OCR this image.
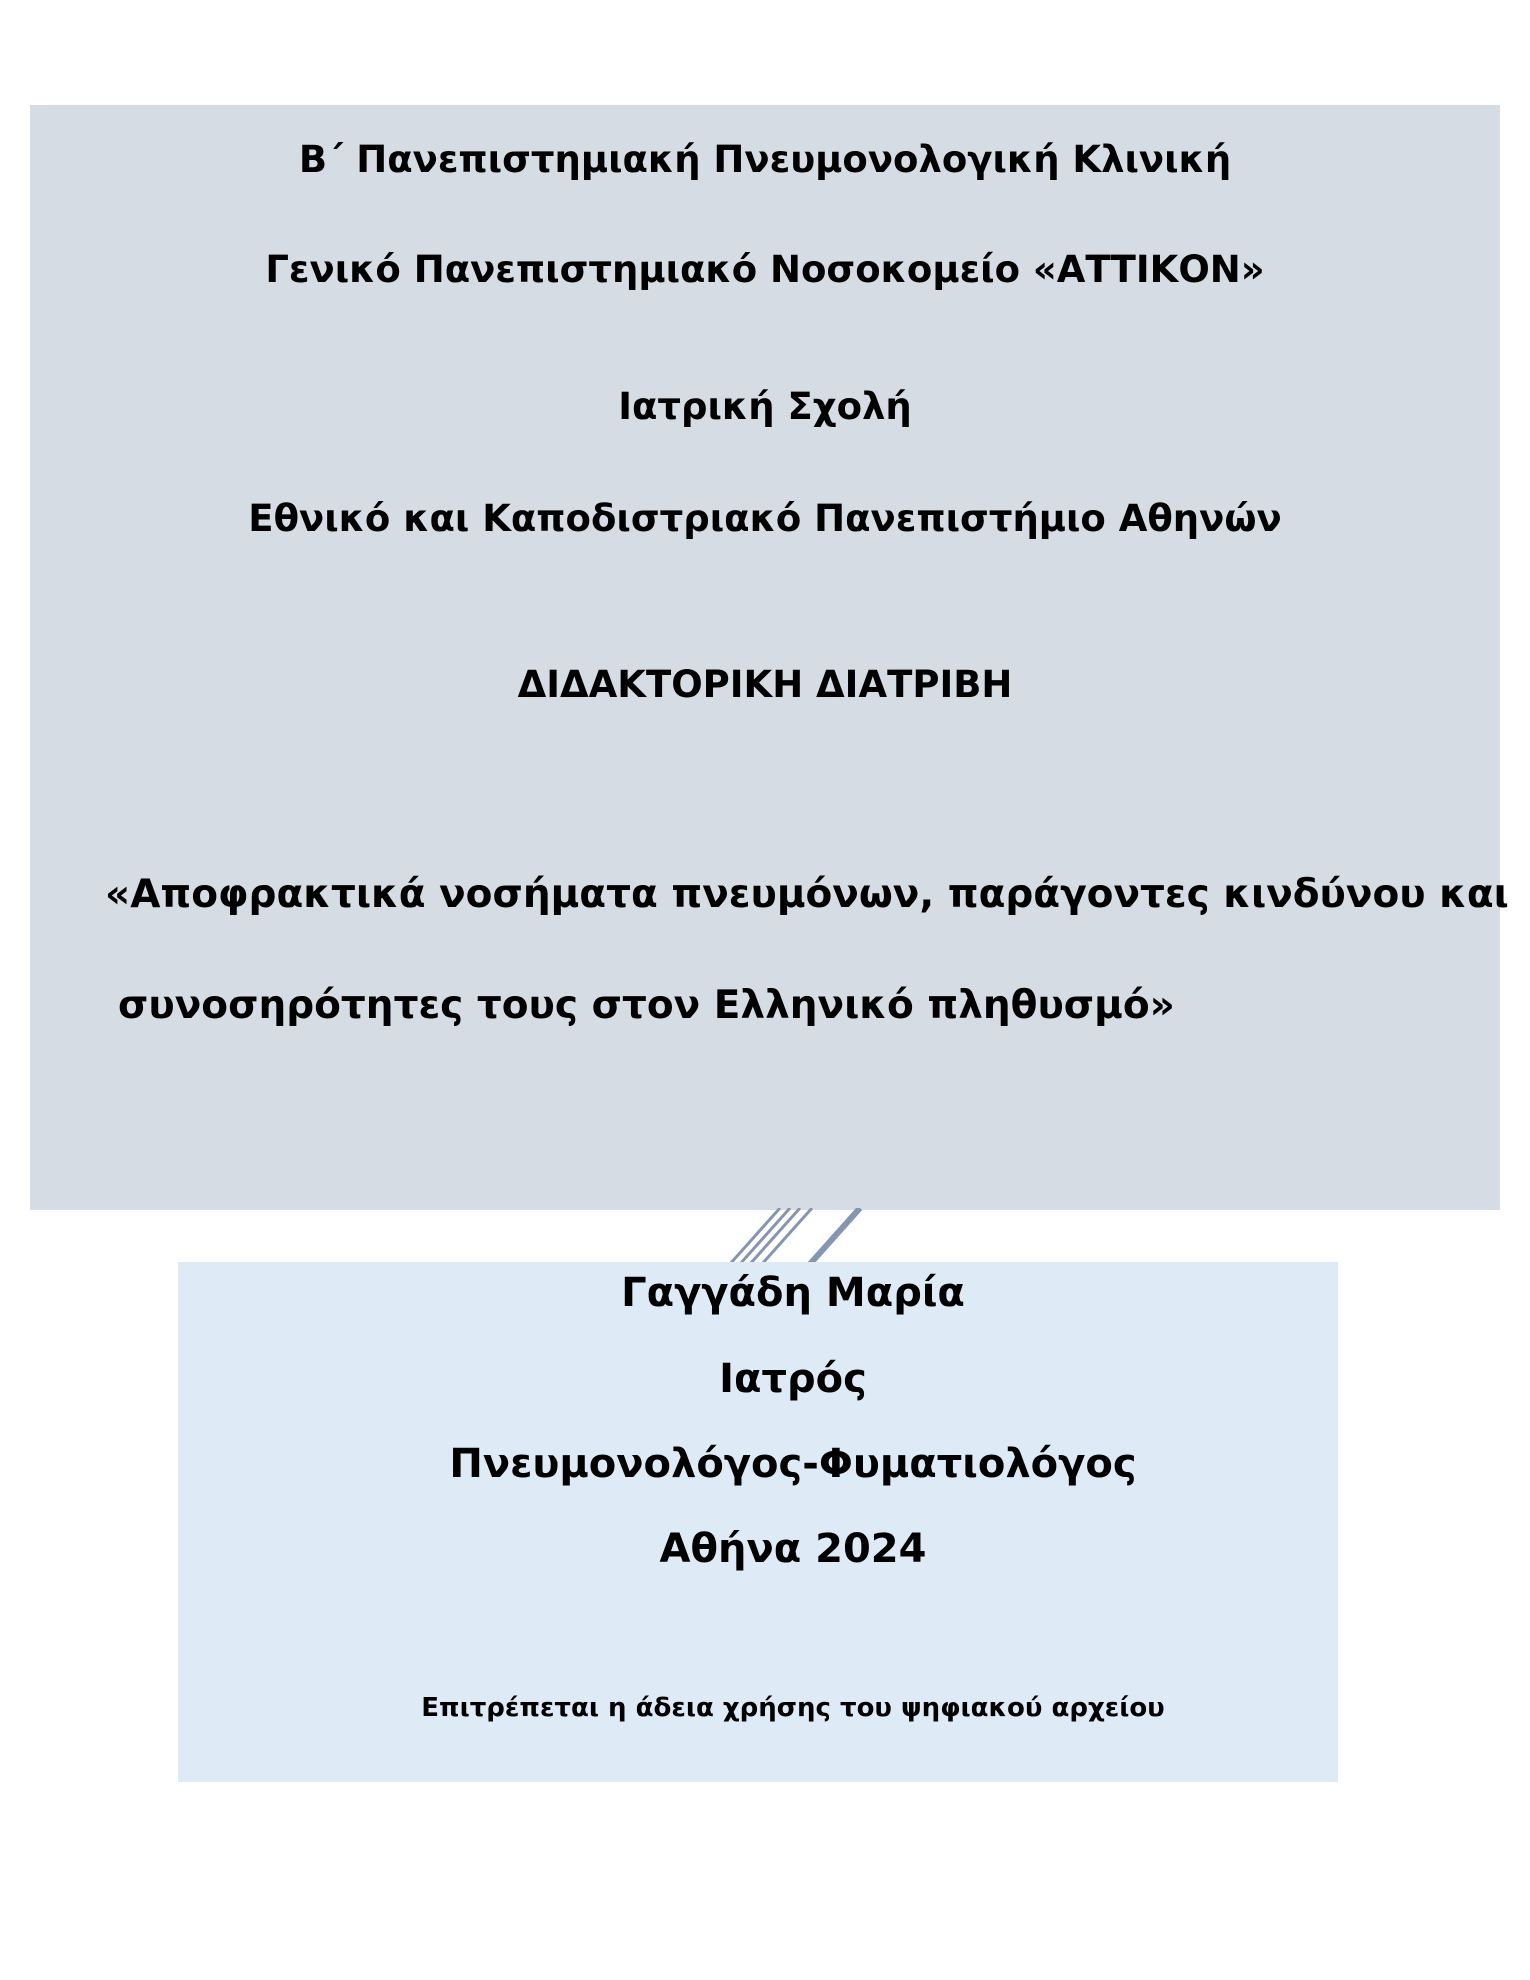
Β΄ Πανεπιστημιακή Πνευμονολογική Κλινική
Γενικό Πανεπιστημιακό Νοσοκομείο «ΑΤΤΙΚΟΝ»
Ιατρική Σχολή
Εθνικό και Καποδιστριακό Πανεπιστήμιο Αθηνών
ΔΙΔΑΚΤΟΡΙΚΗ ΔΙΑΤΡΙΒΗ
«Αποφρακτικά νοσήματα πνευμόνων, παράγοντες κινδύνου και
συνοσηρότητες τους στον Ελληνικό πληθυσμό»
Γαγγάδη Μαρία
Ιατρός
Πνευμονολόγος-Φυματιολόγος
Αθήνα 2024
Επιτρέπεται η άδεια χρήσης του ψηφιακού αρχείου
